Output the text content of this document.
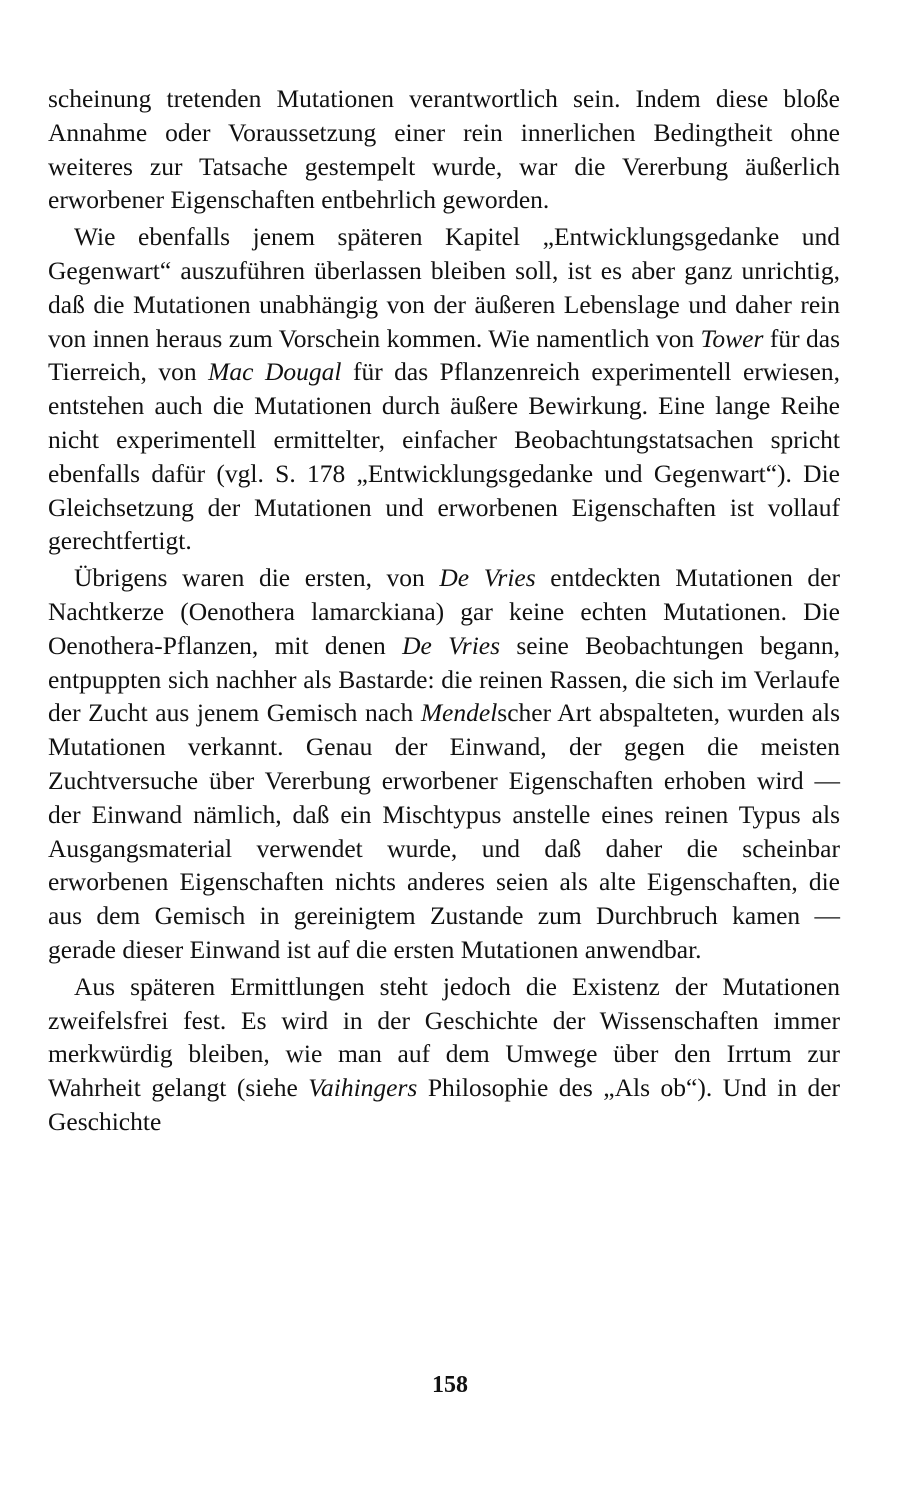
scheinung tretenden Mutationen verantwortlich sein. Indem diese bloße Annahme oder Voraussetzung einer rein innerlichen Bedingtheit ohne weiteres zur Tatsache gestempelt wurde, war die Vererbung äußerlich erworbener Eigenschaften entbehrlich geworden.

Wie ebenfalls jenem späteren Kapitel „Entwicklungsgedanke und Gegenwart“ auszuführen überlassen bleiben soll, ist es aber ganz unrichtig, daß die Mutationen unabhängig von der äußeren Lebenslage und daher rein von innen heraus zum Vorschein kommen. Wie namentlich von Tower für das Tierreich, von Mac Dougal für das Pflanzenreich experimentell erwiesen, entstehen auch die Mutationen durch äußere Bewirkung. Eine lange Reihe nicht experimentell ermittelter, einfacher Beobachtungstatsachen spricht ebenfalls dafür (vgl. S. 178 „Entwicklungsgedanke und Gegenwart“). Die Gleichsetzung der Mutationen und erworbenen Eigenschaften ist vollauf gerechtfertigt.

Übrigens waren die ersten, von De Vries entdeckten Mutationen der Nachtkerze (Oenothera lamarckiana) gar keine echten Mutationen. Die Oenothera-Pflanzen, mit denen De Vries seine Beobachtungen begann, entpuppten sich nachher als Bastarde: die reinen Rassen, die sich im Verlaufe der Zucht aus jenem Gemisch nach Mendelscher Art abspalteten, wurden als Mutationen verkannt. Genau der Einwand, der gegen die meisten Zuchtversuche über Vererbung erworbener Eigenschaften erhoben wird — der Einwand nämlich, daß ein Mischtypus anstelle eines reinen Typus als Ausgangsmaterial verwendet wurde, und daß daher die scheinbar erworbenen Eigenschaften nichts anderes seien als alte Eigenschaften, die aus dem Gemisch in gereinigtem Zustande zum Durchbruch kamen — gerade dieser Einwand ist auf die ersten Mutationen anwendbar.

Aus späteren Ermittlungen steht jedoch die Existenz der Mutationen zweifelsfrei fest. Es wird in der Geschichte der Wissenschaften immer merkwürdig bleiben, wie man auf dem Umwege über den Irrtum zur Wahrheit gelangt (siehe Vaihingers Philosophie des „Als ob“). Und in der Geschichte

158
